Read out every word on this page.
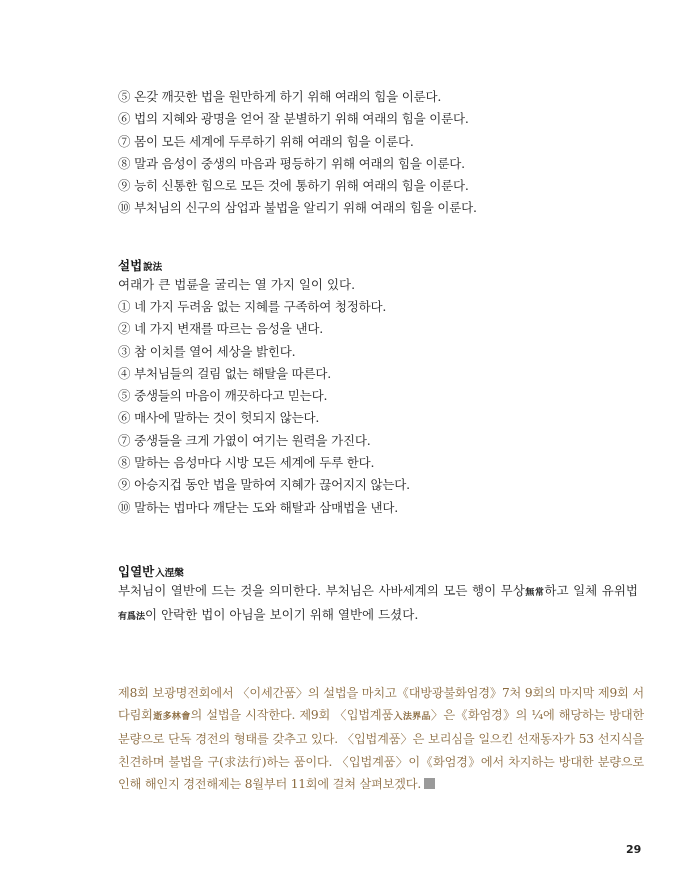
⑤ 온갖 깨끗한 법을 원만하게 하기 위해 여래의 힘을 이룬다.
⑥ 법의 지혜와 광명을 얻어 잘 분별하기 위해 여래의 힘을 이룬다.
⑦ 몸이 모든 세계에 두루하기 위해 여래의 힘을 이룬다.
⑧ 말과 음성이 중생의 마음과 평등하기 위해 여래의 힘을 이룬다.
⑨ 능히 신통한 힘으로 모든 것에 통하기 위해 여래의 힘을 이룬다.
⑩ 부처님의 신구의 삼업과 불법을 알리기 위해 여래의 힘을 이룬다.
설법說法
여래가 큰 법륜을 굴리는 열 가지 일이 있다.
① 네 가지 두려움 없는 지혜를 구족하여 청정하다.
② 네 가지 변재를 따르는 음성을 낸다.
③ 참 이치를 열어 세상을 밝힌다.
④ 부처님들의 걸림 없는 해탈을 따른다.
⑤ 중생들의 마음이 깨끗하다고 믿는다.
⑥ 매사에 말하는 것이 헛되지 않는다.
⑦ 중생들을 크게 가엾이 여기는 원력을 가진다.
⑧ 말하는 음성마다 시방 모든 세계에 두루 한다.
⑨ 아승지겁 동안 법을 말하여 지혜가 끊어지지 않는다.
⑩ 말하는 법마다 깨닫는 도와 해탈과 삼매법을 낸다.
입열반入涅槃

부처님이 열반에 드는 것을 의미한다. 부처님은 사바세계의 모든 행이 무상無常하고 일체 유위법有爲法이 안락한 법이 아님을 보이기 위해 열반에 드셨다.

제8회 보광명전회에서 〈이세간품〉의 설법을 마치고《대방광불화엄경》7처 9회의 마지막 제9회 서다림회逝多林會의 설법을 시작한다. 제9회 〈입법계품入法界品〉은《화엄경》의 ¼에 해당하는 방대한 분량으로 단독 경전의 형태를 갖추고 있다. 〈입법계품〉은 보리심을 일으킨 선재동자가 53 선지식을 친견하며 불법을 구(求法行)하는 품이다. 〈입법계품〉이《화엄경》에서 차지하는 방대한 분량으로 인해 해인지 경전해제는 8월부터 11회에 걸쳐 살펴보겠다.

29
